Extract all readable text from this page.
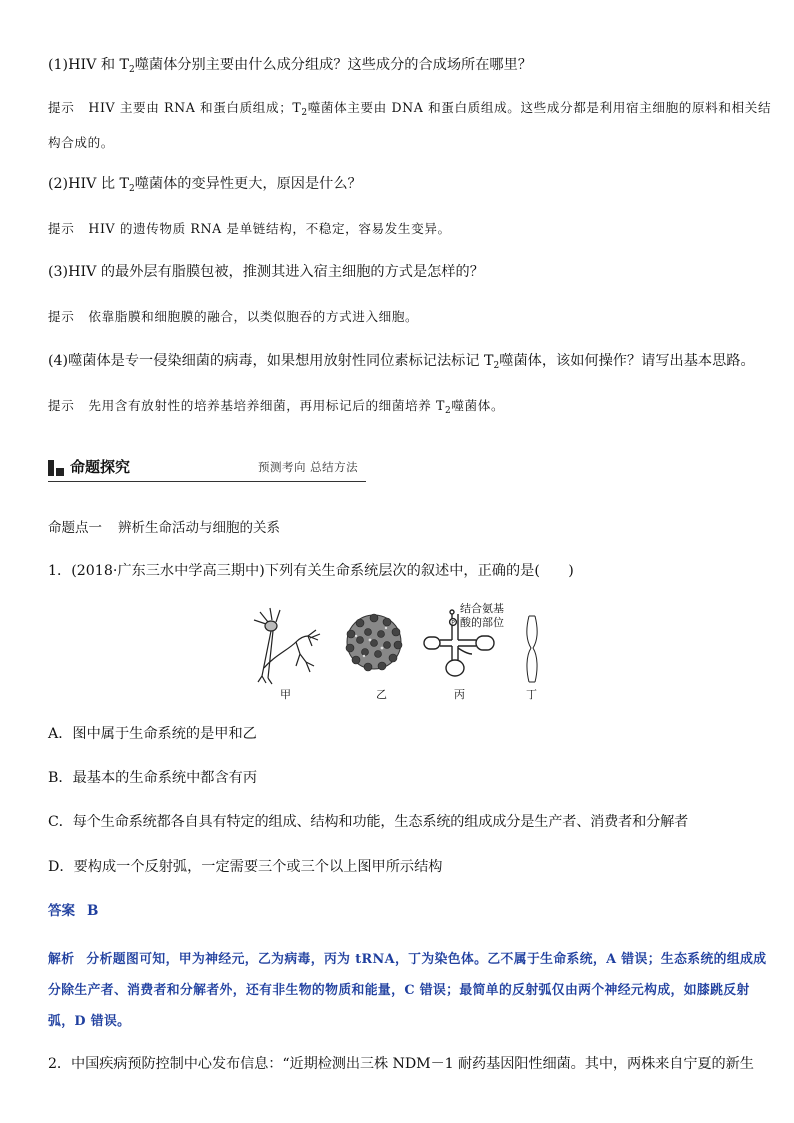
(1)HIV 和 $T_2$噬菌体分别主要由什么成分组成？这些成分的合成场所在哪里？
提示 HIV 主要由 RNA 和蛋白质组成；$T_2$噬菌体主要由 DNA 和蛋白质组成。这些成分都是利用宿主细胞的原料和相关结构合成的。
(2)HIV 比 $T_2$噬菌体的变异性更大，原因是什么？
提示 HIV 的遗传物质 RNA 是单链结构，不稳定，容易发生变异。
(3)HIV 的最外层有脂膜包被，推测其进入宿主细胞的方式是怎样的？
提示 依靠脂膜和细胞膜的融合，以类似胞吞的方式进入细胞。
(4)噬菌体是专一侵染细菌的病毒，如果想用放射性同位素标记法标记 $T_2$噬菌体，该如何操作？请写出基本思路。
提示 先用含有放射性的培养基培养细菌，再用标记后的细菌培养 $T_2$噬菌体。
命题探究	预测考向 总结方法
命题点一 辨析生命活动与细胞的关系
1．(2018·广东三水中学高三期中)下列有关生命系统层次的叙述中，正确的是(　　)
P
结合氨基
酸的部位
甲	乙	丙	丁
A．图中属于生命系统的是甲和乙
B．最基本的生命系统中都含有丙
C．每个生命系统都各自具有特定的组成、结构和功能，生态系统的组成成分是生产者、消费者和分解者
D．要构成一个反射弧，一定需要三个或三个以上图甲所示结构
答案 B
解析 分析题图可知，甲为神经元，乙为病毒，丙为 tRNA，丁为染色体。乙不属于生命系统，A 错误；生态系统的组成成分除生产者、消费者和分解者外，还有非生物的物质和能量，C 错误；最简单的反射弧仅由两个神经元构成，如膝跳反射弧，D 错误。
2．中国疾病预防控制中心发布信息：“近期检测出三株 NDM－1 耐药基因阳性细菌。其中，两株来自宁夏的新生
